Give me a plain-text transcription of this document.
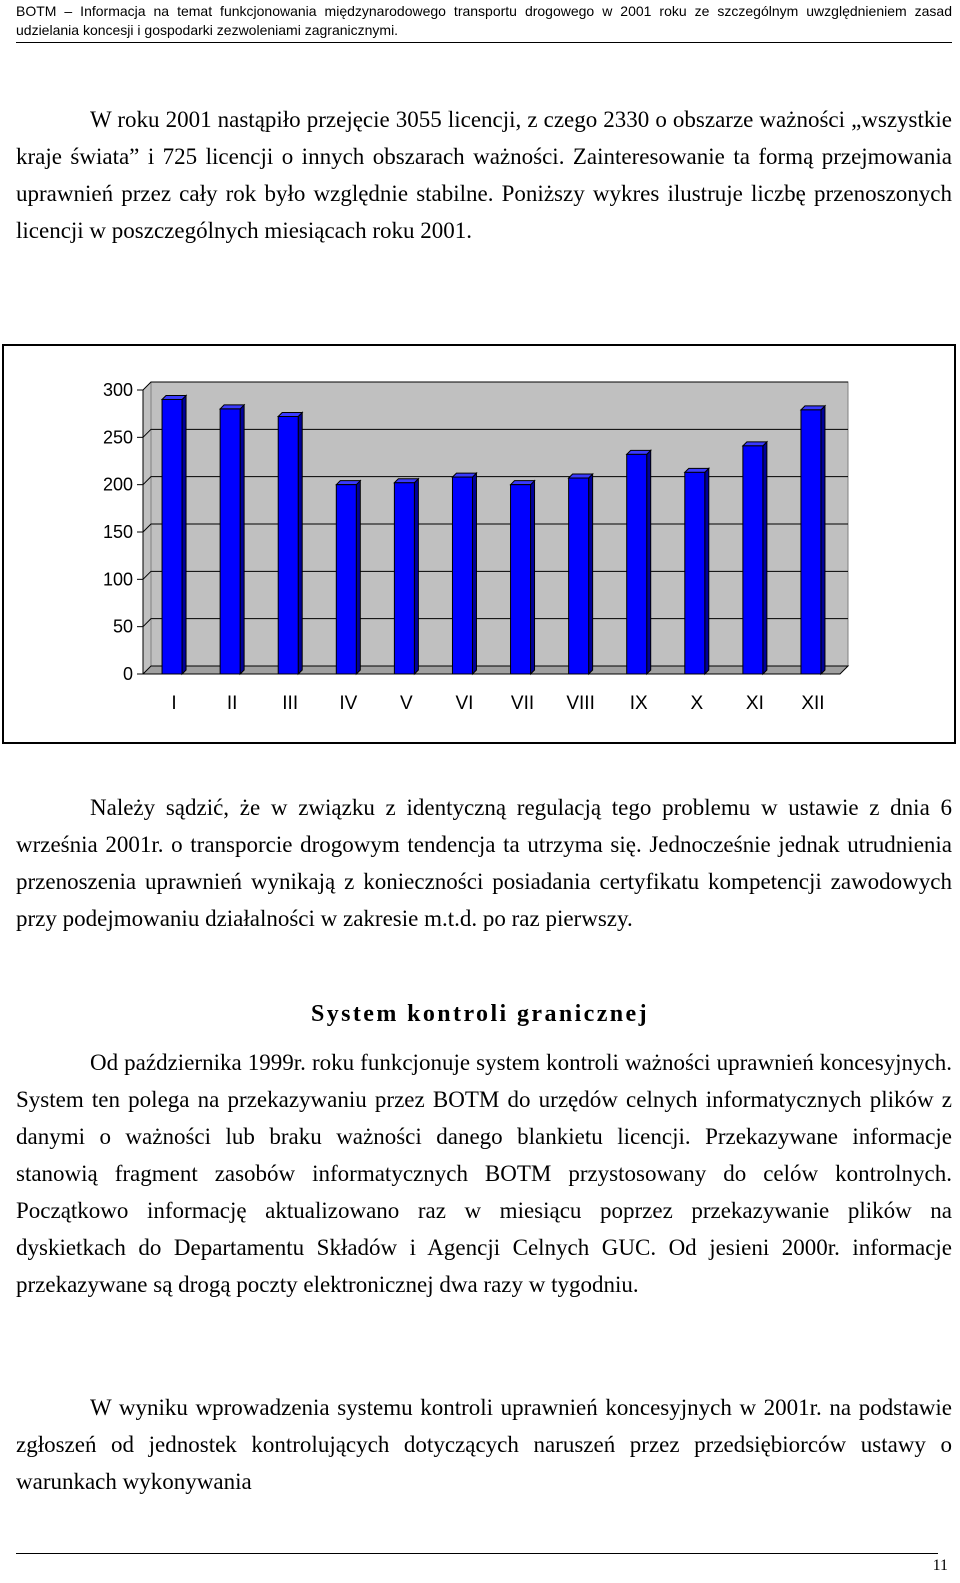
BOTM – Informacja na temat funkcjonowania międzynarodowego transportu drogowego w 2001 roku ze szczególnym uwzględnieniem zasad udzielania koncesji i gospodarki zezwoleniami zagranicznymi.

W roku 2001 nastąpiło przejęcie 3055 licencji, z czego 2330 o obszarze ważności „wszystkie kraje świata” i 725 licencji o innych obszarach ważności. Zainteresowanie ta formą przejmowania uprawnień przez cały rok było względnie stabilne. Poniższy wykres ilustruje liczbę przenoszonych licencji w poszczególnych miesiącach roku 2001.

0
50
100
150
200
250
300
I	II III IV V VI VII VIII IX X XI XII

Należy sądzić, że w związku z identyczną regulacją tego problemu w ustawie z dnia 6 września 2001r. o transporcie drogowym tendencja ta utrzyma się. Jednocześnie jednak utrudnienia przenoszenia uprawnień wynikają z konieczności posiadania certyfikatu kompetencji zawodowych przy podejmowaniu działalności w zakresie m.t.d. po raz pierwszy.

System kontroli granicznej

Od października 1999r. roku funkcjonuje system kontroli ważności uprawnień koncesyjnych. System ten polega na przekazywaniu przez BOTM do urzędów celnych informatycznych plików z danymi o ważności lub braku ważności danego blankietu licencji. Przekazywane informacje stanowią fragment zasobów informatycznych BOTM przystosowany do celów kontrolnych. Początkowo informację aktualizowano raz w miesiącu poprzez przekazywanie plików na dyskietkach do Departamentu Składów i Agencji Celnych GUC. Od jesieni 2000r. informacje przekazywane są drogą poczty elektronicznej dwa razy w tygodniu.

W wyniku wprowadzenia systemu kontroli uprawnień koncesyjnych w 2001r. na podstawie zgłoszeń od jednostek kontrolujących dotyczących naruszeń przez przedsiębiorców ustawy o warunkach wykonywania

11
